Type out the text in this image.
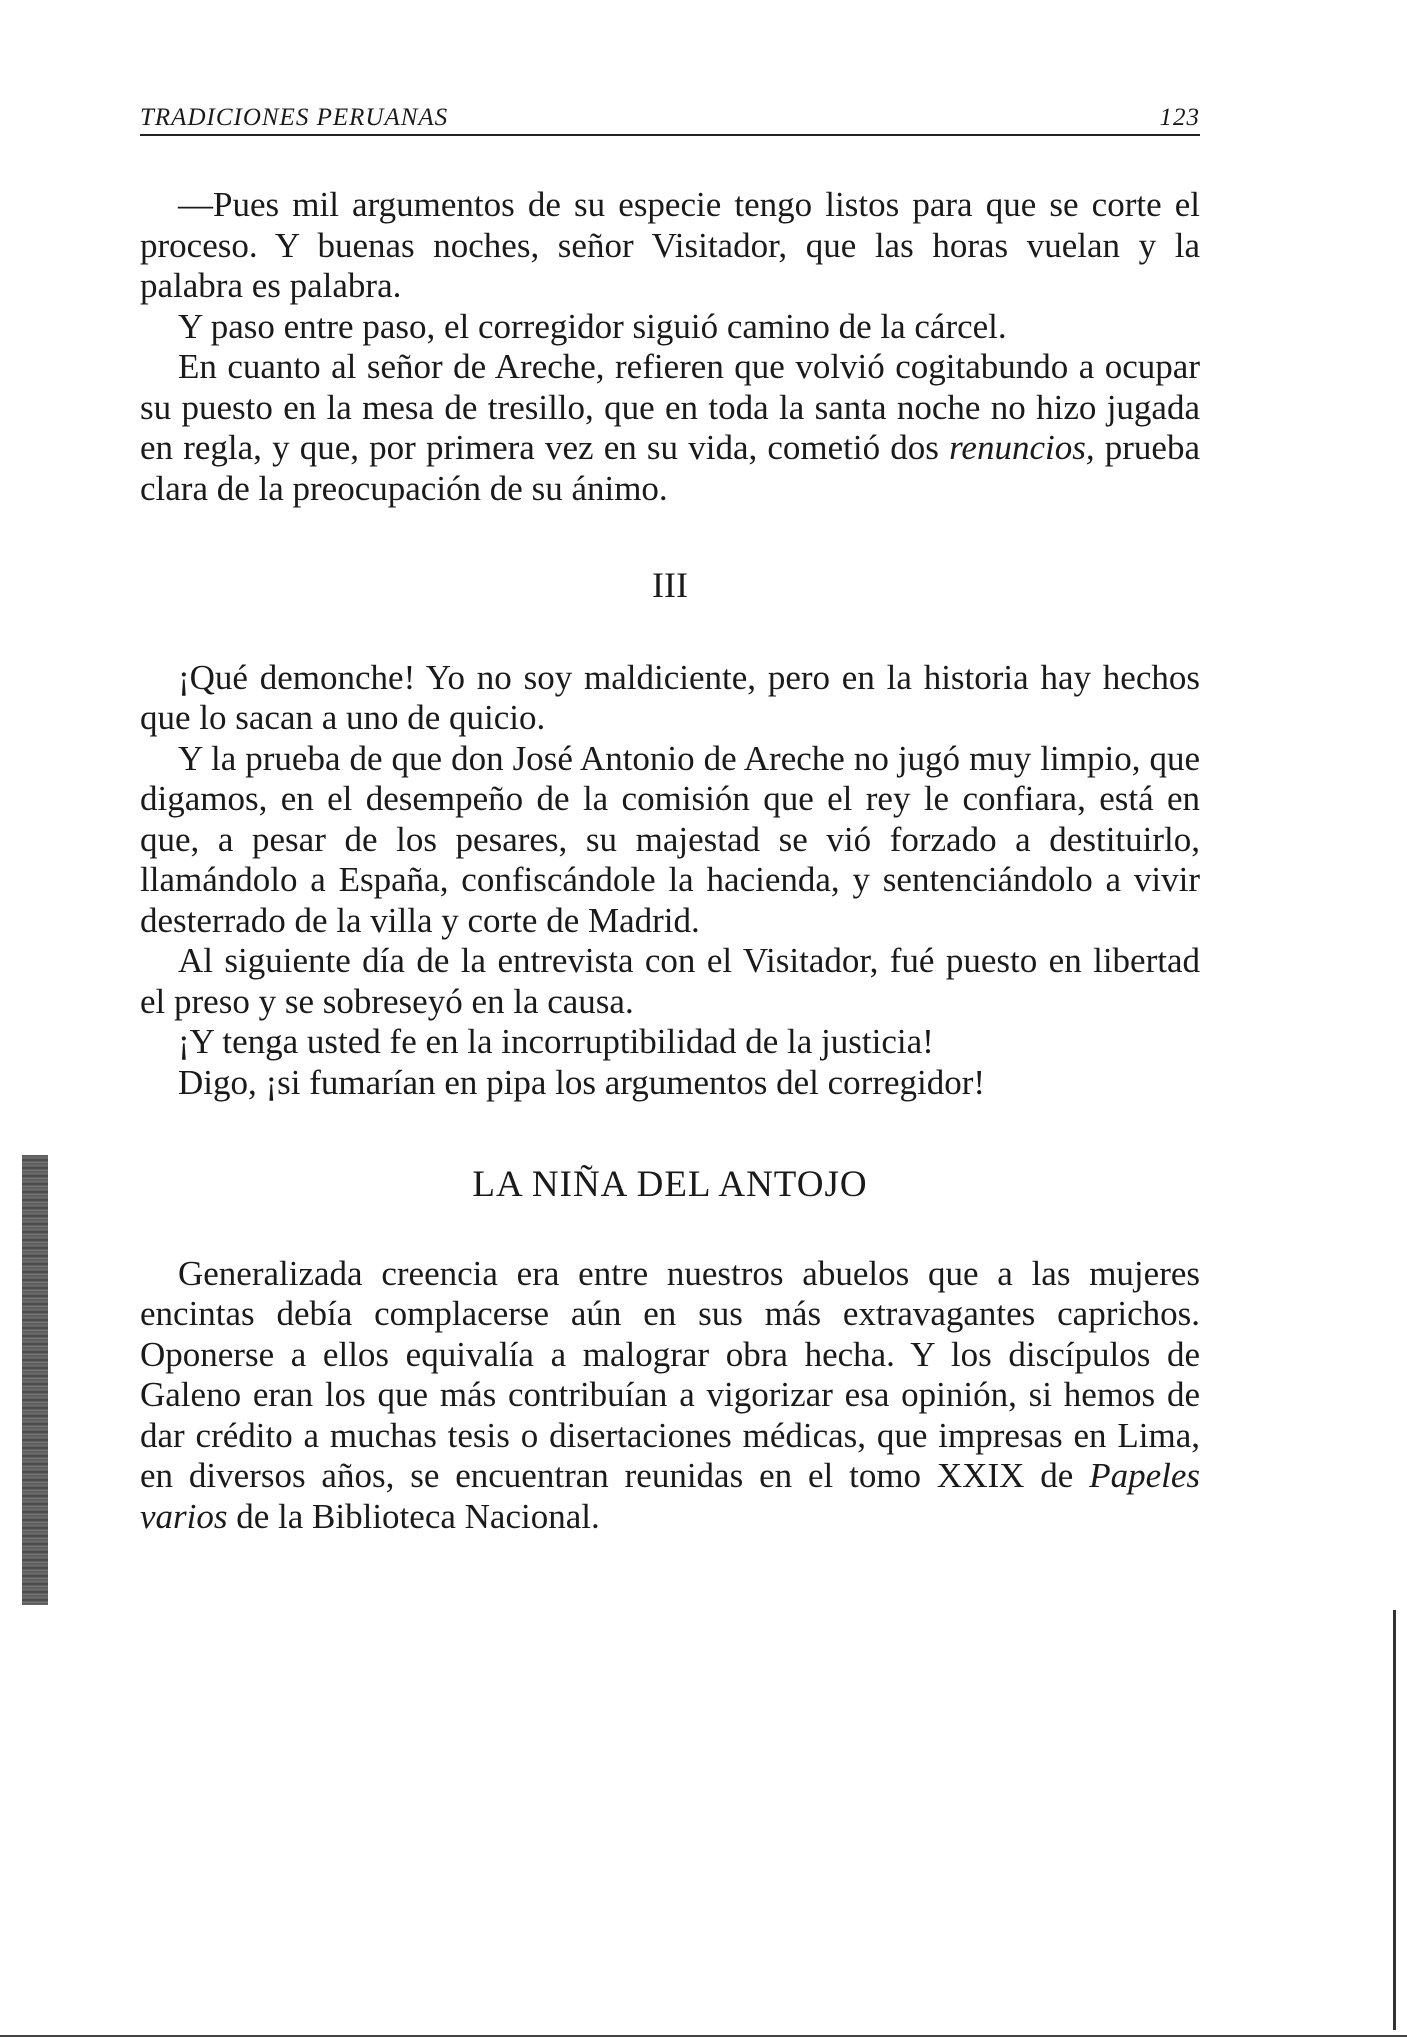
TRADICIONES PERUANAS	123

—Pues mil argumentos de su especie tengo listos para que se corte el proceso. Y buenas noches, señor Visitador, que las horas vuelan y la palabra es palabra.

Y paso entre paso, el corregidor siguió camino de la cárcel.

En cuanto al señor de Areche, refieren que volvió cogitabundo a ocupar su puesto en la mesa de tresillo, que en toda la santa noche no hizo jugada en regla, y que, por primera vez en su vida, cometió dos renuncios, prueba clara de la preocupación de su ánimo.

III

¡Qué demonche! Yo no soy maldiciente, pero en la historia hay hechos que lo sacan a uno de quicio.

Y la prueba de que don José Antonio de Areche no jugó muy limpio, que digamos, en el desempeño de la comisión que el rey le confiara, está en que, a pesar de los pesares, su majestad se vió forzado a destituirlo, llamándolo a España, confiscándole la hacienda, y sentenciándolo a vivir desterrado de la villa y corte de Madrid.

Al siguiente día de la entrevista con el Visitador, fué puesto en libertad el preso y se sobreseyó en la causa.

¡Y tenga usted fe en la incorruptibilidad de la justicia!

Digo, ¡si fumarían en pipa los argumentos del corregidor!

LA NIÑA DEL ANTOJO

Generalizada creencia era entre nuestros abuelos que a las mujeres encintas debía complacerse aún en sus más extravagantes caprichos. Oponerse a ellos equivalía a malograr obra hecha. Y los discípulos de Galeno eran los que más contribuían a vigorizar esa opinión, si hemos de dar crédito a muchas tesis o disertaciones médicas, que impresas en Lima, en diversos años, se encuentran reunidas en el tomo XXIX de Papeles varios de la Biblioteca Nacional.
